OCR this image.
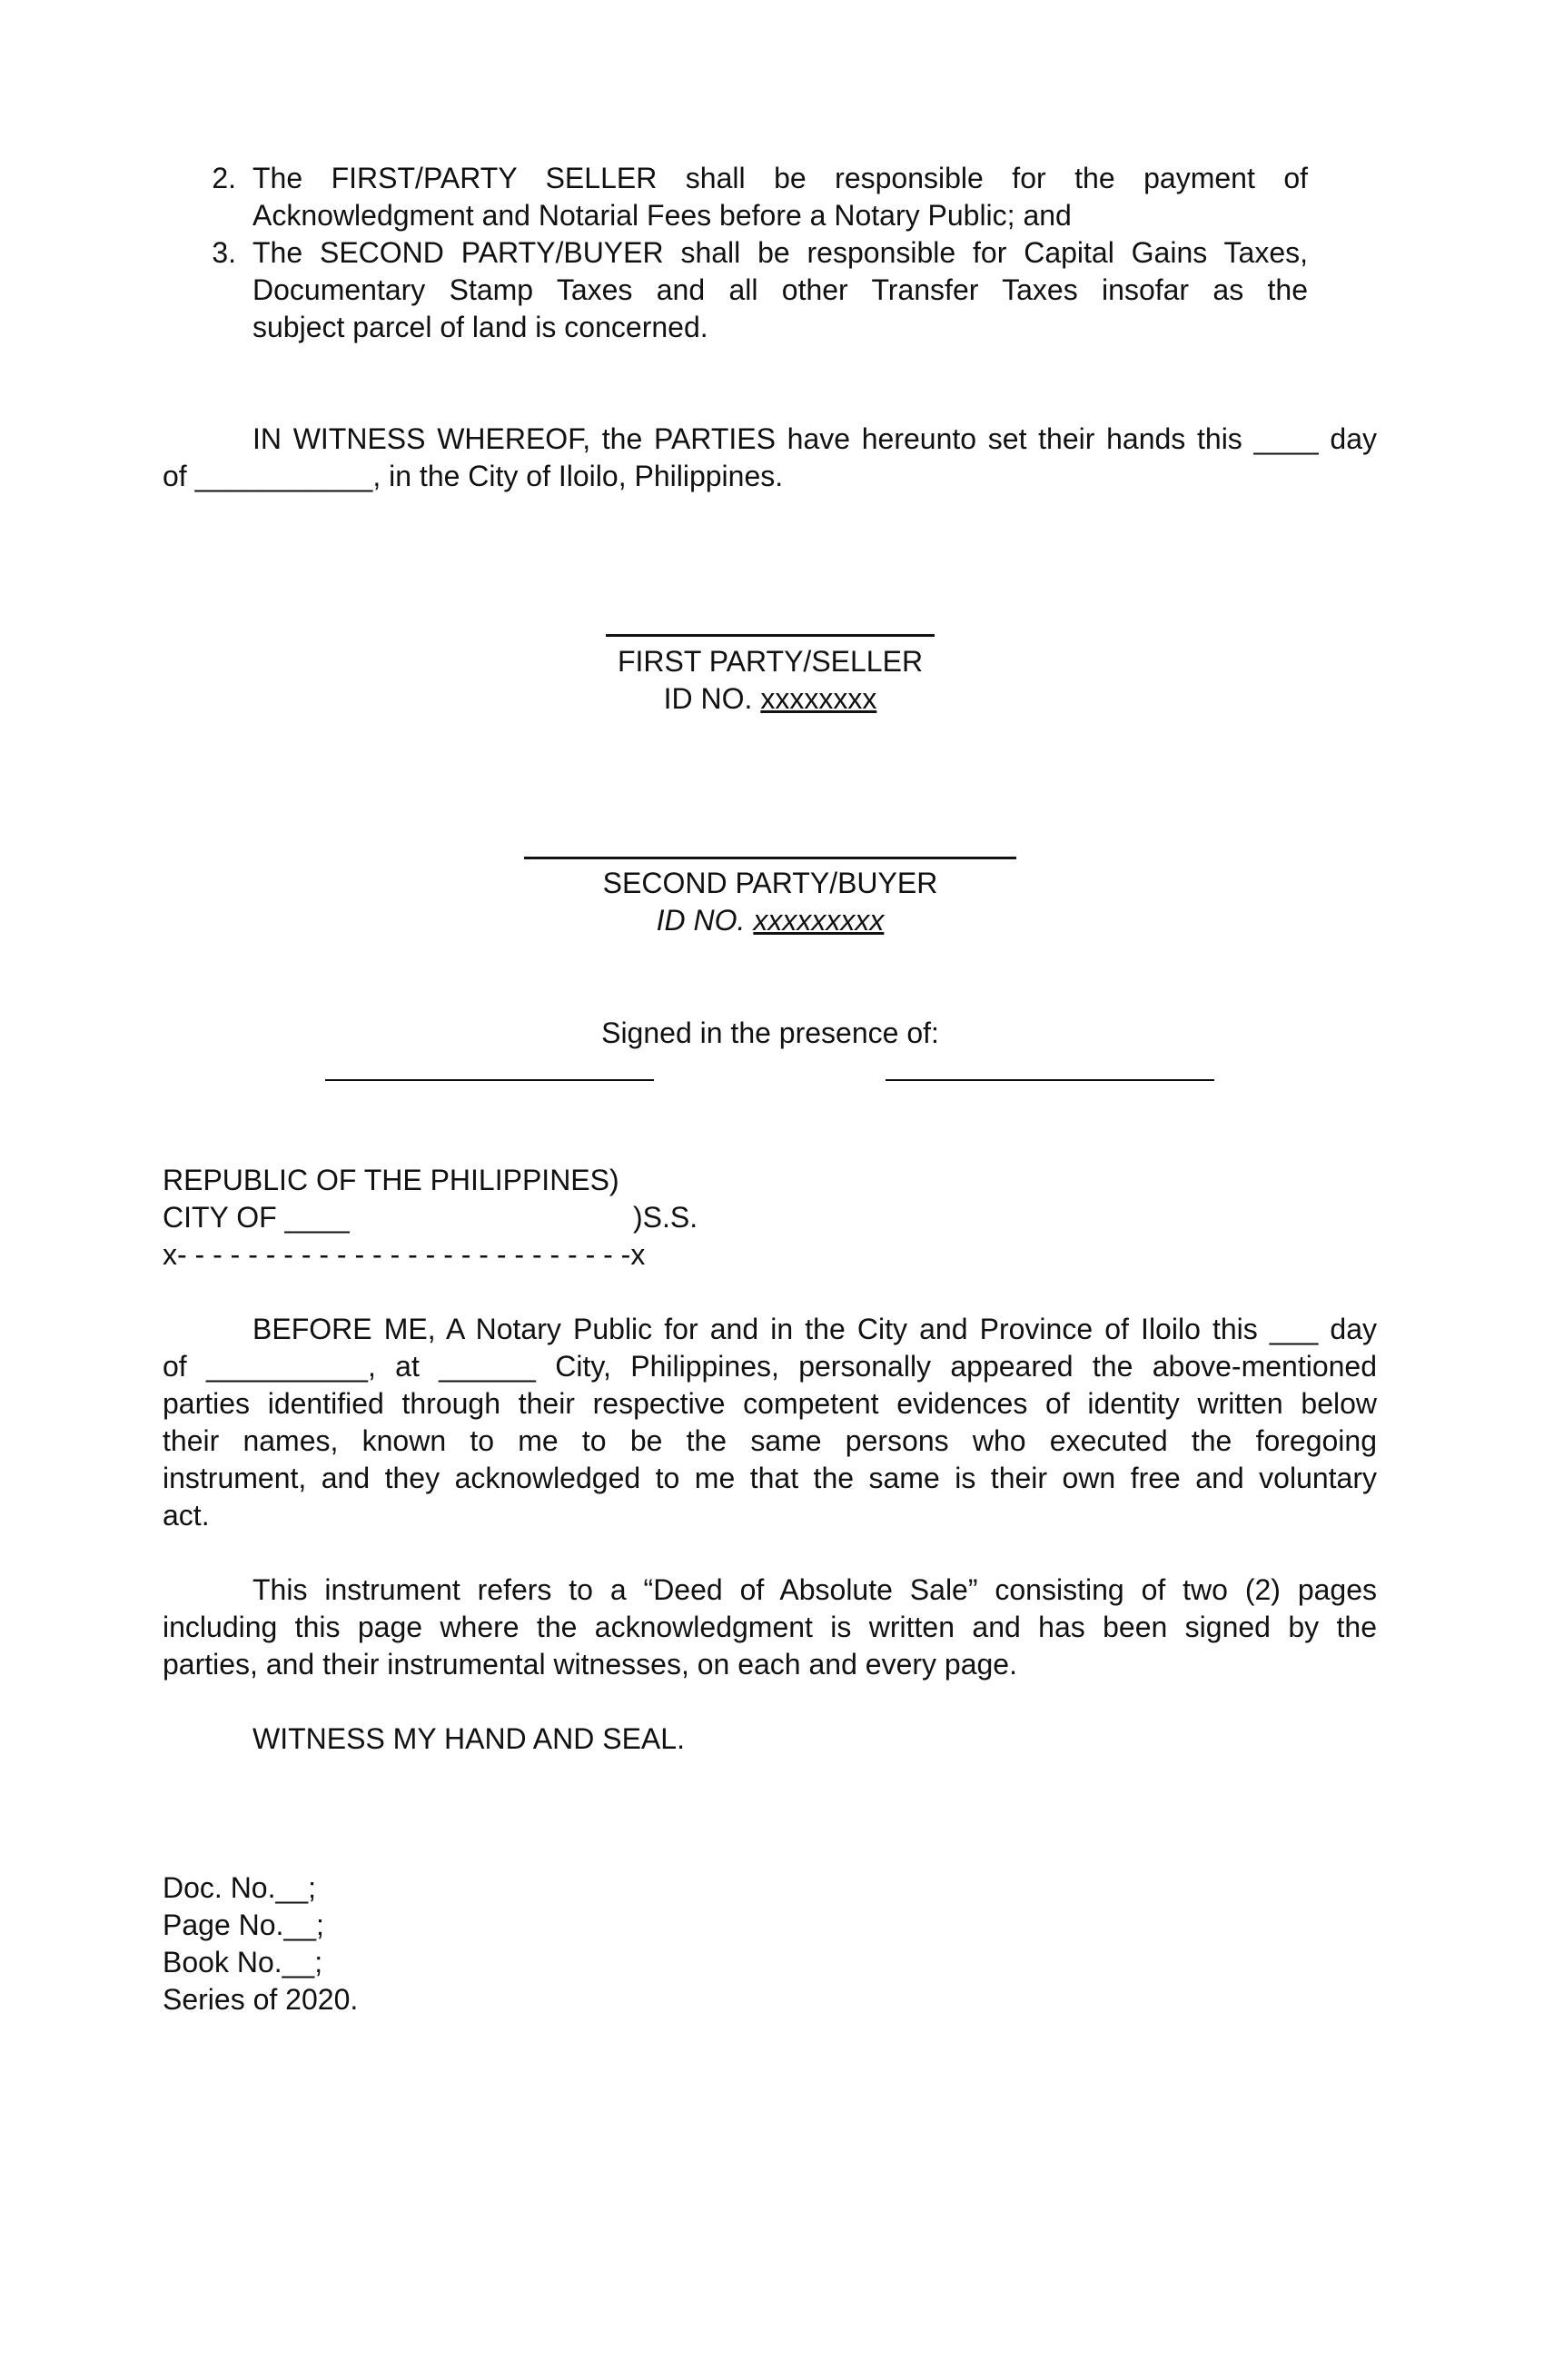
2. The FIRST/PARTY SELLER shall be responsible for the payment of
Acknowledgment and Notarial Fees before a Notary Public; and
3. The SECOND PARTY/BUYER shall be responsible for Capital Gains Taxes,
Documentary Stamp Taxes and all other Transfer Taxes insofar as the
subject parcel of land is concerned.
IN WITNESS WHEREOF, the PARTIES have hereunto set their hands this ____ day
of ___________, in the City of Iloilo, Philippines.
FIRST PARTY/SELLER
ID NO. xxxxxxxx
SECOND PARTY/BUYER
ID NO. xxxxxxxxx
Signed in the presence of:
REPUBLIC OF THE PHILIPPINES)
CITY OF ____	)S.S.
x- - - - - - - - - - - - - - - - - - - - - - - - - -x
BEFORE ME, A Notary Public for and in the City and Province of Iloilo this ___ day
of __________, at ______ City, Philippines, personally appeared the above-mentioned
parties identified through their respective competent evidences of identity written below
their names, known to me to be the same persons who executed the foregoing
instrument, and they acknowledged to me that the same is their own free and voluntary
act.
This instrument refers to a “Deed of Absolute Sale” consisting of two (2) pages
including this page where the acknowledgment is written and has been signed by the
parties, and their instrumental witnesses, on each and every page.
WITNESS MY HAND AND SEAL.
Doc. No.__;
Page No.__;
Book No.__;
Series of 2020.
